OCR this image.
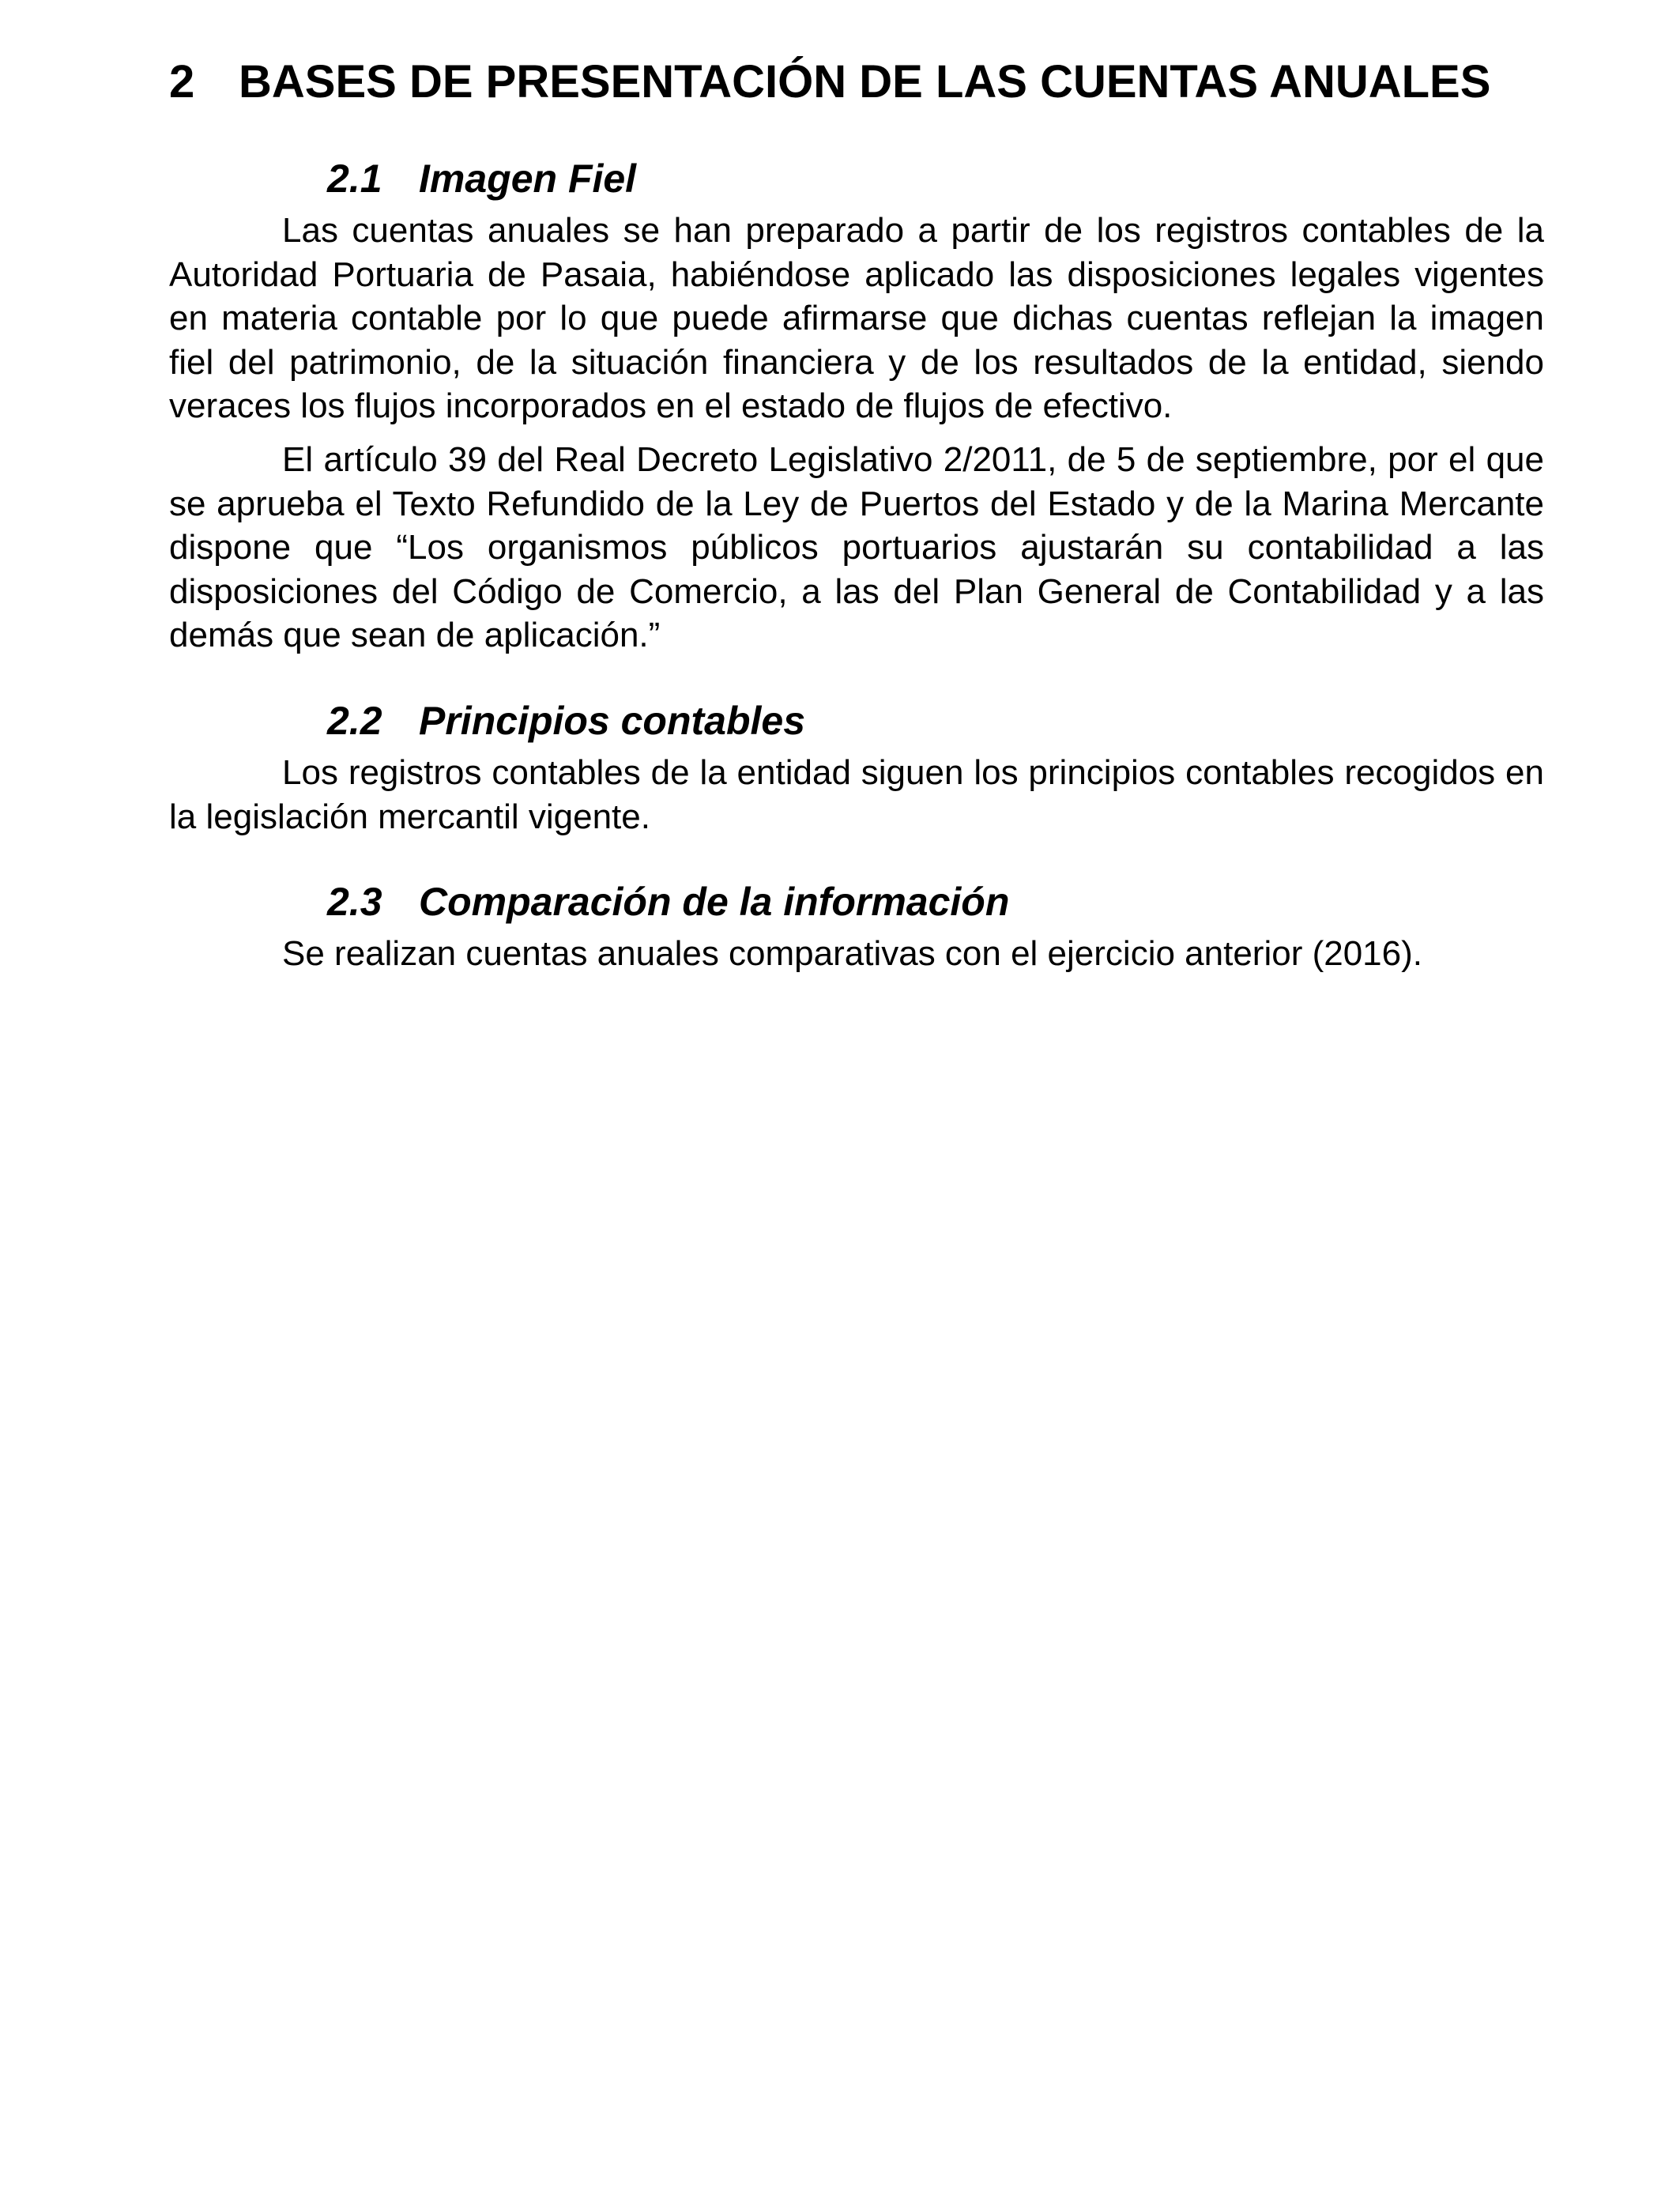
2 BASES DE PRESENTACIÓN DE LAS CUENTAS ANUALES
2.1 Imagen Fiel

Las cuentas anuales se han preparado a partir de los registros contables de la Autoridad Portuaria de Pasaia, habiéndose aplicado las disposiciones legales vigentes en materia contable por lo que puede afirmarse que dichas cuentas reflejan la imagen fiel del patrimonio, de la situación financiera y de los resultados de la entidad, siendo veraces los flujos incorporados en el estado de flujos de efectivo.

El artículo 39 del Real Decreto Legislativo 2/2011, de 5 de septiembre, por el que se aprueba el Texto Refundido de la Ley de Puertos del Estado y de la Marina Mercante dispone que “Los organismos públicos portuarios ajustarán su contabilidad a las disposiciones del Código de Comercio, a las del Plan General de Contabilidad y a las demás que sean de aplicación.”

2.2 Principios contables

Los registros contables de la entidad siguen los principios contables recogidos en la legislación mercantil vigente.

2.3 Comparación de la información

Se realizan cuentas anuales comparativas con el ejercicio anterior (2016).
